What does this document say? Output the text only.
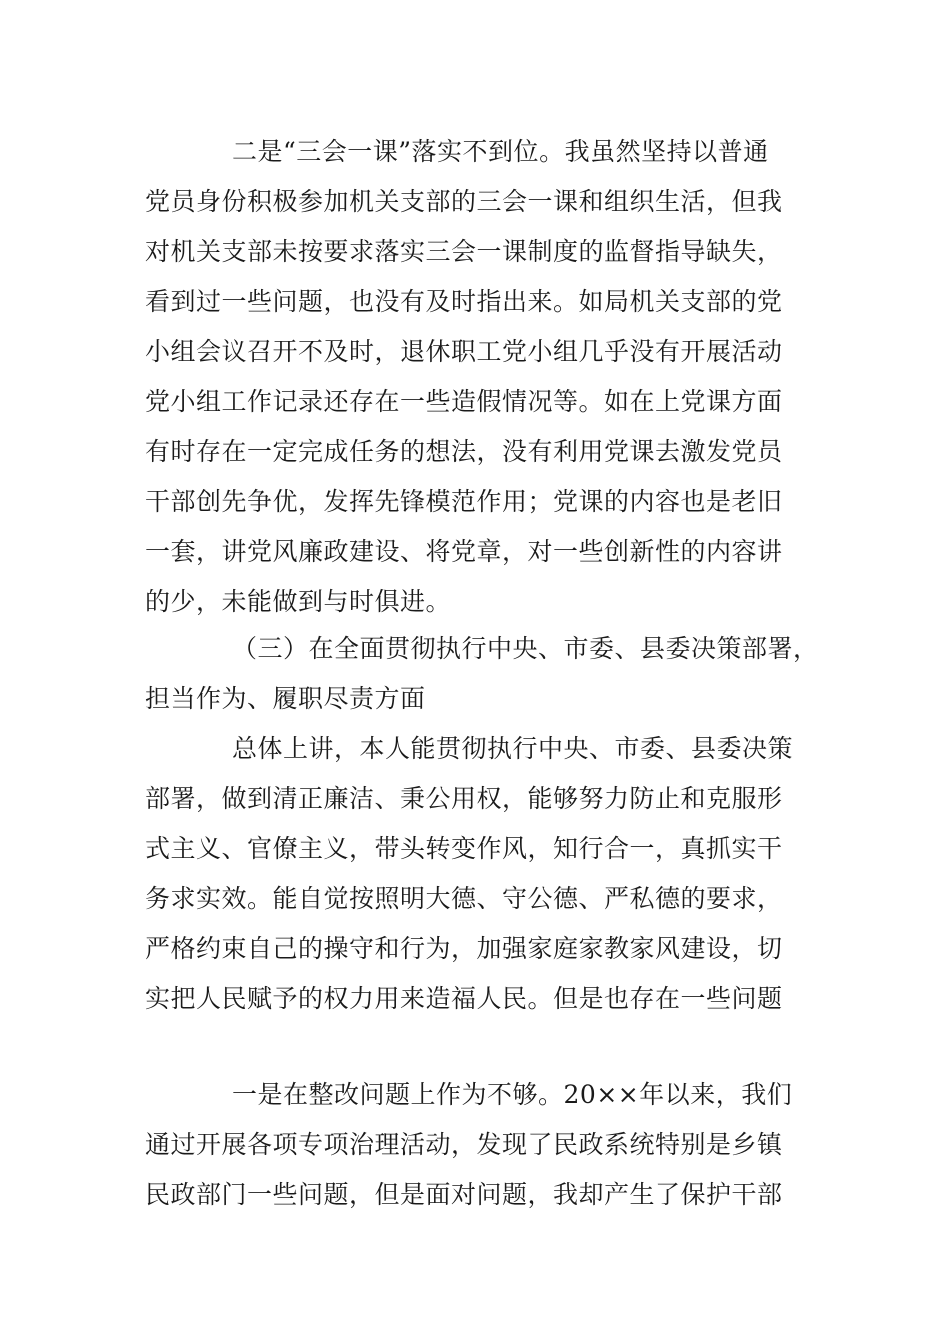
二是“三会一课”落实不到位。我虽然坚持以普通
党员身份积极参加机关支部的三会一课和组织生活，但我
对机关支部未按要求落实三会一课制度的监督指导缺失，
看到过一些问题，也没有及时指出来。如局机关支部的党
小组会议召开不及时，退休职工党小组几乎没有开展活动
党小组工作记录还存在一些造假情况等。如在上党课方面
有时存在一定完成任务的想法，没有利用党课去激发党员
干部创先争优，发挥先锋模范作用；党课的内容也是老旧
一套，讲党风廉政建设、将党章，对一些创新性的内容讲
的少，未能做到与时俱进。
（三）在全面贯彻执行中央、市委、县委决策部署，
担当作为、履职尽责方面
总体上讲，本人能贯彻执行中央、市委、县委决策
部署，做到清正廉洁、秉公用权，能够努力防止和克服形
式主义、官僚主义，带头转变作风，知行合一，真抓实干
务求实效。能自觉按照明大德、守公德、严私德的要求，
严格约束自己的操守和行为，加强家庭家教家风建设，切
实把人民赋予的权力用来造福人民。但是也存在一些问题
一是在整改问题上作为不够。20××年以来，我们
通过开展各项专项治理活动，发现了民政系统特别是乡镇
民政部门一些问题，但是面对问题，我却产生了保护干部
